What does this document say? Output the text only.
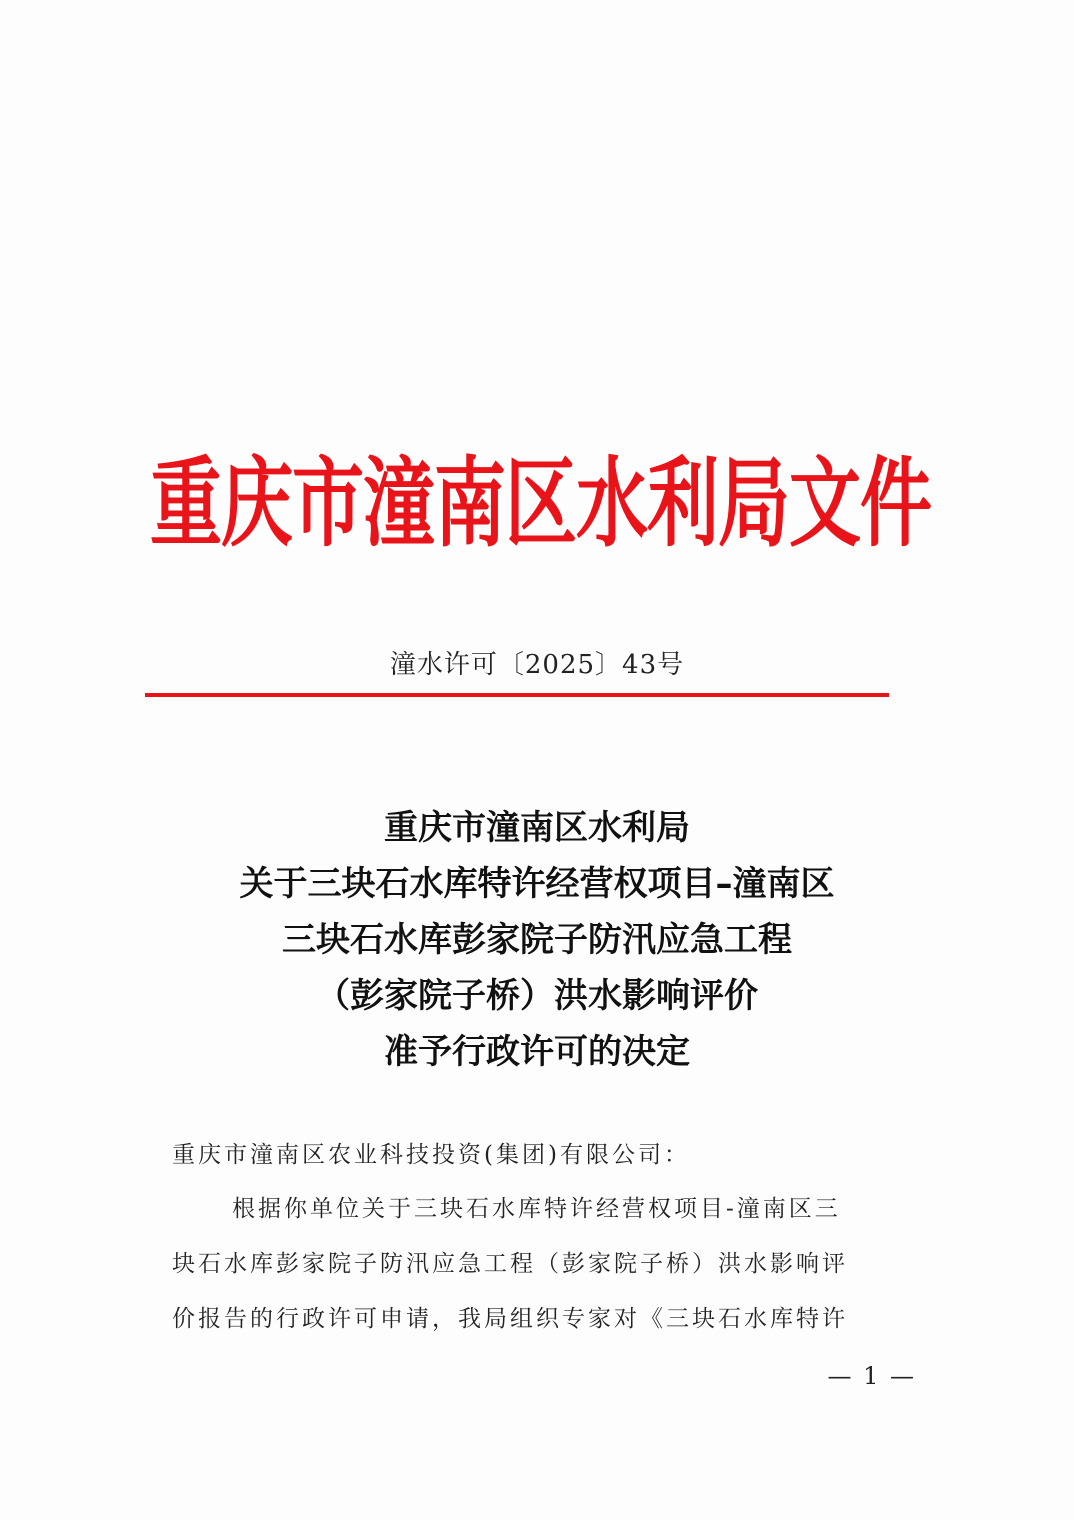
重庆市潼南区水利局文件
潼水许可〔2025〕43号
重庆市潼南区水利局
关于三块石水库特许经营权项目–潼南区
三块石水库彭家院子防汛应急工程
（彭家院子桥）洪水影响评价
准予行政许可的决定
重庆市潼南区农业科技投资(集团)有限公司：
根据你单位关于三块石水库特许经营权项目-潼南区三
块石水库彭家院子防汛应急工程（彭家院子桥）洪水影响评
价报告的行政许可申请，我局组织专家对《三块石水库特许
— 1 —
